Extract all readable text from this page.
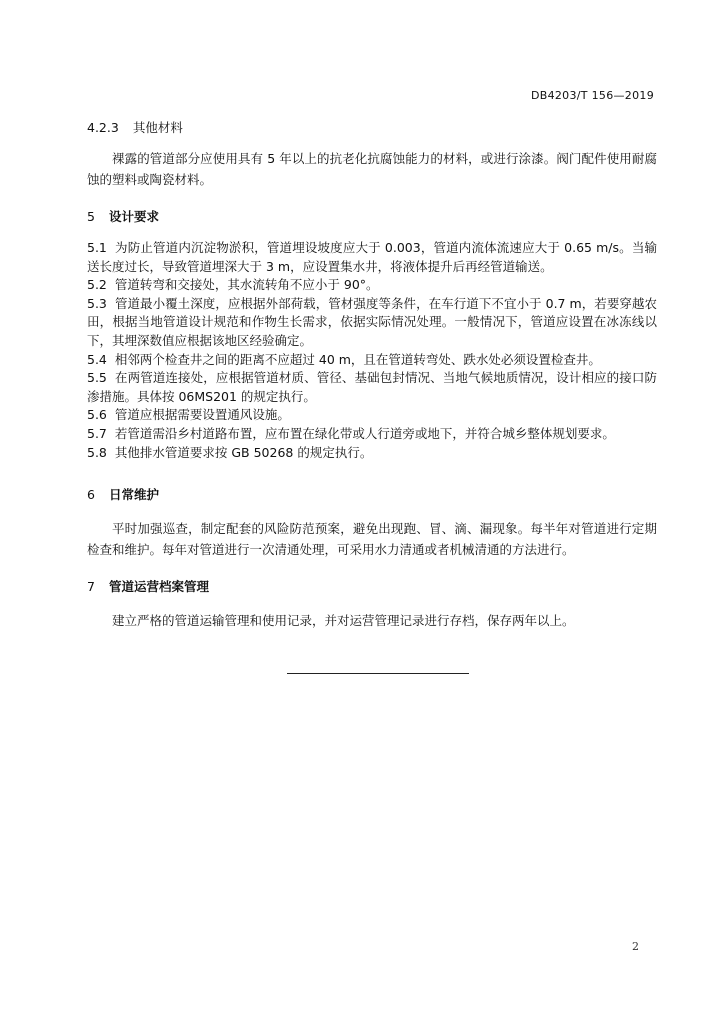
DB4203/T 156—2019
4.2.3 其他材料

裸露的管道部分应使用具有 5 年以上的抗老化抗腐蚀能力的材料，或进行涂漆。阀门配件使用耐腐蚀的塑料或陶瓷材料。

5 设计要求

5.1 为防止管道内沉淀物淤积，管道埋设坡度应大于 0.003，管道内流体流速应大于 0.65 m/s。当输送长度过长，导致管道埋深大于 3 m，应设置集水井，将液体提升后再经管道输送。

5.2 管道转弯和交接处，其水流转角不应小于 90°。

5.3 管道最小覆土深度，应根据外部荷载，管材强度等条件，在车行道下不宜小于 0.7 m，若要穿越农田，根据当地管道设计规范和作物生长需求，依据实际情况处理。一般情况下，管道应设置在冰冻线以下，其埋深数值应根据该地区经验确定。

5.4 相邻两个检查井之间的距离不应超过 40 m，且在管道转弯处、跌水处必须设置检查井。

5.5 在两管道连接处，应根据管道材质、管径、基础包封情况、当地气候地质情况，设计相应的接口防渗措施。具体按 06MS201 的规定执行。

5.6 管道应根据需要设置通风设施。

5.7 若管道需沿乡村道路布置，应布置在绿化带或人行道旁或地下，并符合城乡整体规划要求。

5.8 其他排水管道要求按 GB 50268 的规定执行。

6 日常维护

平时加强巡查，制定配套的风险防范预案，避免出现跑、冒、滴、漏现象。每半年对管道进行定期检查和维护。每年对管道进行一次清通处理，可采用水力清通或者机械清通的方法进行。

7 管道运营档案管理

建立严格的管道运输管理和使用记录，并对运营管理记录进行存档，保存两年以上。

2
